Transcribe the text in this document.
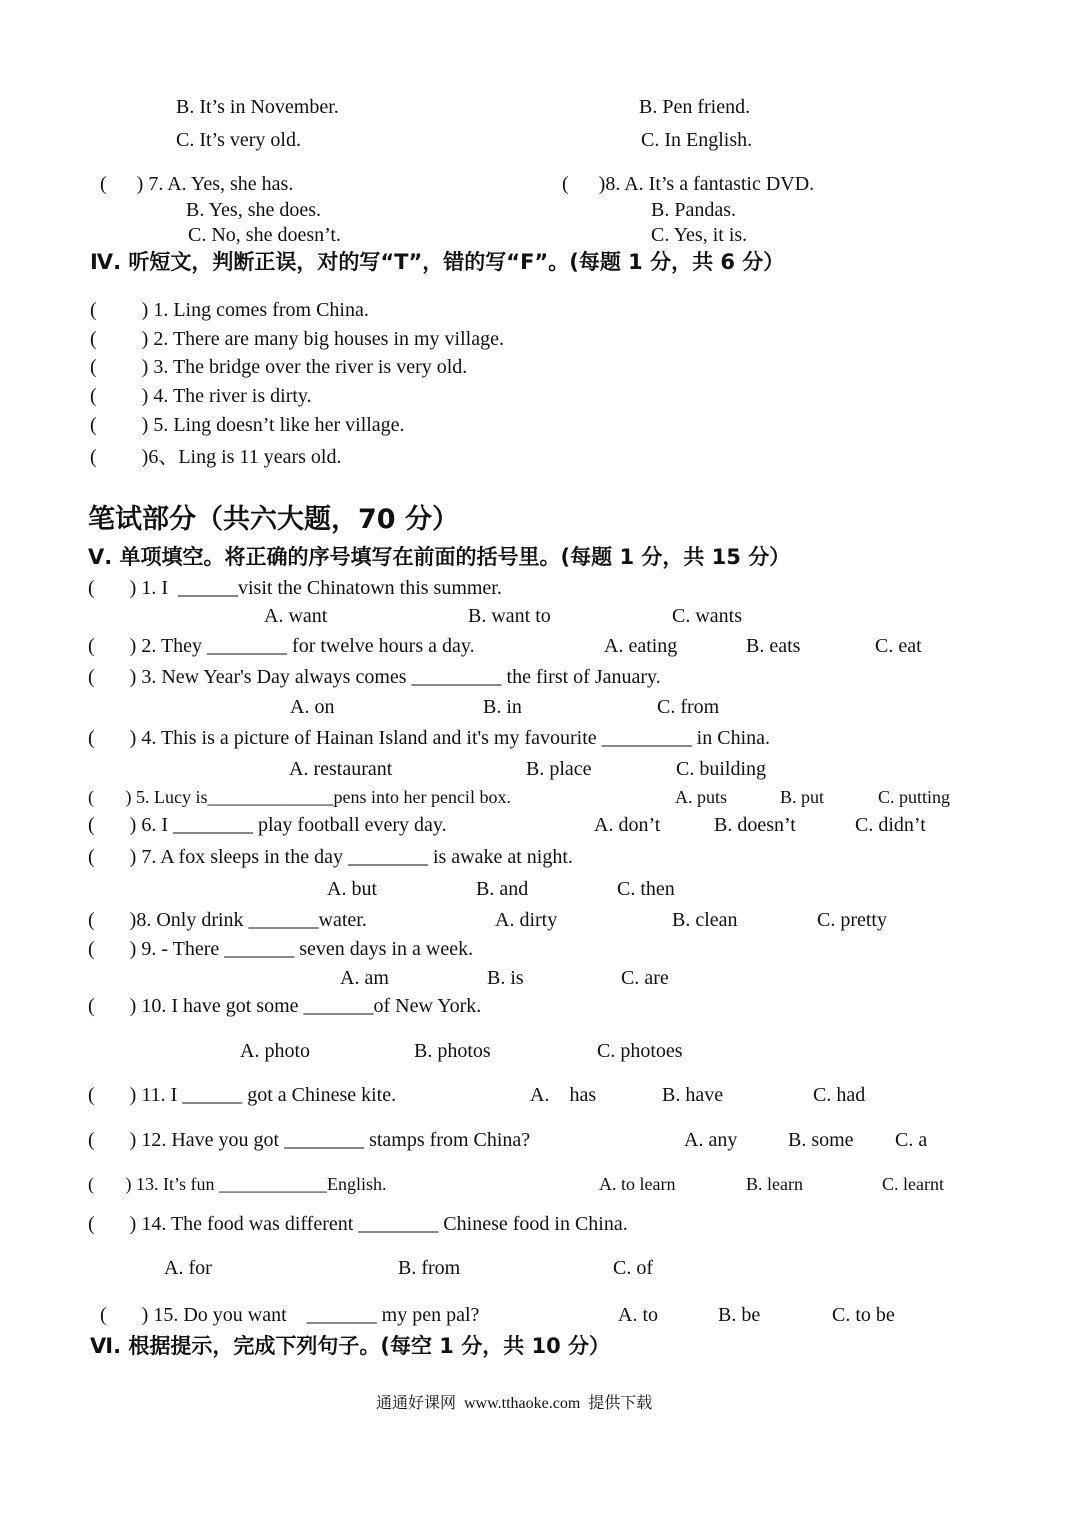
B. It’s in November.
C. It’s very old.
B. Pen friend.
C. In English.
(      ) 7. A. Yes, she has.
B. Yes, she does.
C. No, she doesn’t.
(      )8. A. It’s a fantastic DVD.
B. Pandas.
C. Yes, it is.
Ⅳ. 听短文，判断正误，对的写“T”，错的写“F”。(每题 1 分，共 6 分）
(         ) 1. Ling comes from China.
(         ) 2. There are many big houses in my village.
(         ) 3. The bridge over the river is very old.
(         ) 4. The river is dirty.
(         ) 5. Ling doesn’t like her village.
(         )6、Ling is 11 years old.
笔试部分（共六大题，70 分）
Ⅴ. 单项填空。将正确的序号填写在前面的括号里。(每题 1 分，共 15 分）
(       ) 1. I  ______visit the Chinatown this summer.
A. want	B. want to	C. wants
(       ) 2. They ________ for twelve hours a day.	A. eating	B. eats	C. eat
(       ) 3. New Year's Day always comes _________ the first of January.
A. on	B. in	C. from
(       ) 4. This is a picture of Hainan Island and it's my favourite _________ in China.
A. restaurant	B. place	C. building
(       ) 5. Lucy is______________pens into her pencil box.	A. puts	B. put	C. putting
(       ) 6. I ________ play football every day.	A. don’t	B. doesn’t	C. didn’t
(       ) 7. A fox sleeps in the day ________ is awake at night.
A. but	B. and	C. then
(       )8. Only drink _______water.	A. dirty	B. clean	C. pretty
(       ) 9. - There _______ seven days in a week.
A. am	B. is	C. are
(       ) 10. I have got some _______of New York.
A. photo	B. photos	C. photoes
(       ) 11. I ______ got a Chinese kite.	A.    has	B. have	C. had
(       ) 12. Have you got ________ stamps from China?	A. any	B. some C. a
(       ) 13. It’s fun ____________English.	A. to learn	B. learn	C. learnt
(       ) 14. The food was different ________ Chinese food in China.
A. for	B. from	C. of
(       ) 15. Do you want    _______ my pen pal?	A. to	B. be	C. to be
Ⅵ. 根据提示，完成下列句子。(每空 1 分，共 10 分）
通通好课网  www.tthaoke.com  提供下载
